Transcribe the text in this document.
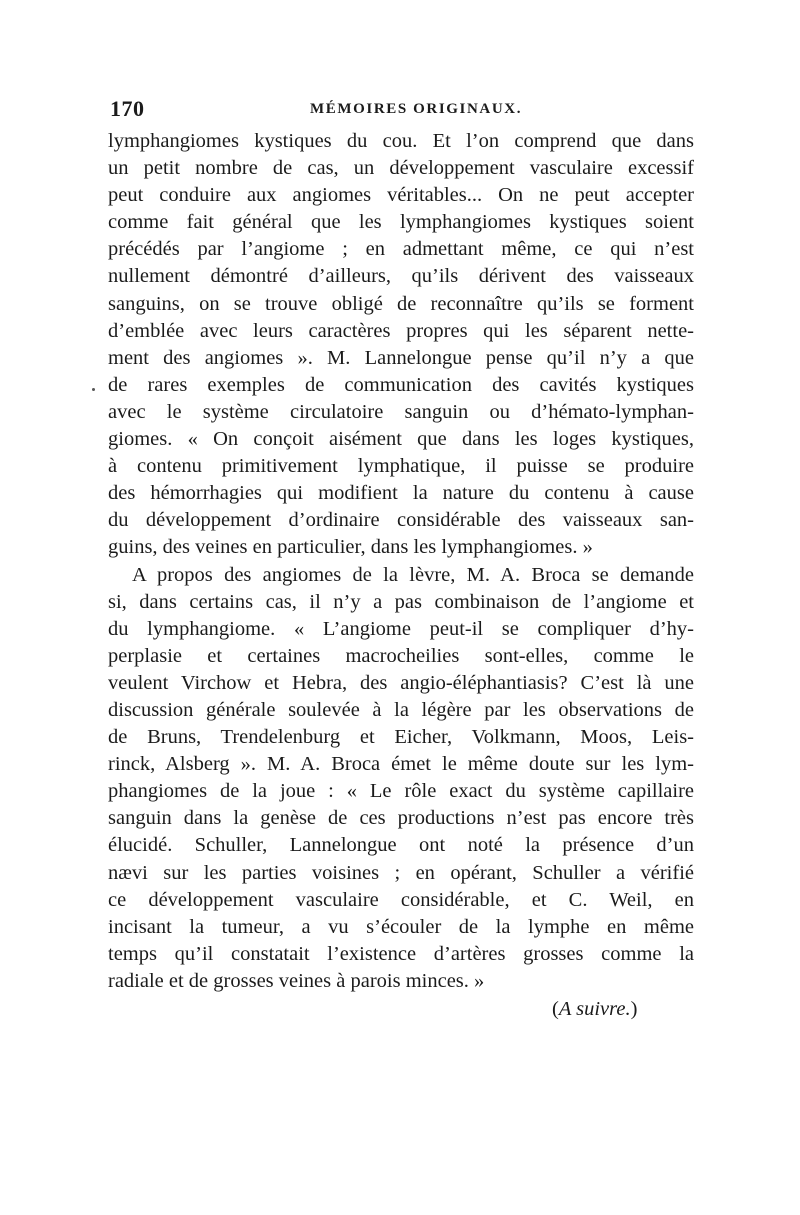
170	MÉMOIRES ORIGINAUX.
lymphangiomes kystiques du cou. Et l’on comprend que dans
un petit nombre de cas, un développement vasculaire excessif
peut conduire aux angiomes véritables... On ne peut accepter
comme fait général que les lymphangiomes kystiques soient
précédés par l’angiome ; en admettant même, ce qui n’est
nullement démontré d’ailleurs, qu’ils dérivent des vaisseaux
sanguins, on se trouve obligé de reconnaître qu’ils se forment
d’emblée avec leurs caractères propres qui les séparent nette-
ment des angiomes ». M. Lannelongue pense qu’il n’y a que
de rares exemples de communication des cavités kystiques
avec le système circulatoire sanguin ou d’hémato-lymphan-
giomes. « On conçoit aisément que dans les loges kystiques,
à contenu primitivement lymphatique, il puisse se produire
des hémorrhagies qui modifient la nature du contenu à cause
du développement d’ordinaire considérable des vaisseaux san-
guins, des veines en particulier, dans les lymphangiomes. »
A propos des angiomes de la lèvre, M. A. Broca se demande
si, dans certains cas, il n’y a pas combinaison de l’angiome et
du lymphangiome. « L’angiome peut-il se compliquer d’hy-
perplasie et certaines macrocheilies sont-elles, comme le
veulent Virchow et Hebra, des angio-éléphantiasis? C’est là une
discussion générale soulevée à la légère par les observations de
de Bruns, Trendelenburg et Eicher, Volkmann, Moos, Leis-
rinck, Alsberg ». M. A. Broca émet le même doute sur les lym-
phangiomes de la joue : « Le rôle exact du système capillaire
sanguin dans la genèse de ces productions n’est pas encore très
élucidé. Schuller, Lannelongue ont noté la présence d’un
nævi sur les parties voisines ; en opérant, Schuller a vérifié
ce développement vasculaire considérable, et C. Weil, en
incisant la tumeur, a vu s’écouler de la lymphe en même
temps qu’il constatait l’existence d’artères grosses comme la
radiale et de grosses veines à parois minces. »
(A suivre.)
